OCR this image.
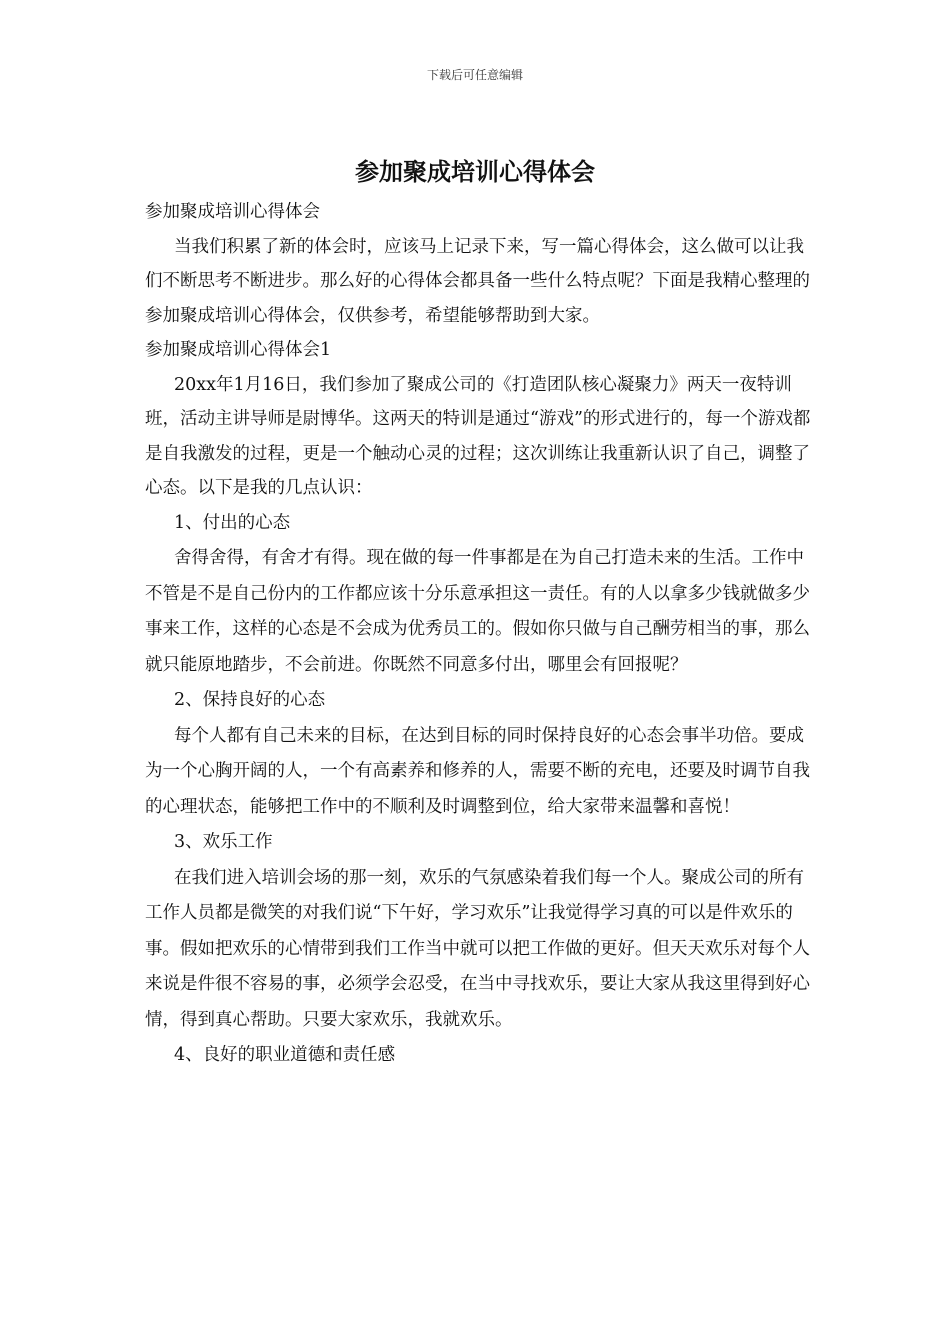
下载后可任意编辑
参加聚成培训心得体会

参加聚成培训心得体会

当我们积累了新的体会时，应该马上记录下来，写一篇心得体会，这么做可以让我们不断思考不断进步。那么好的心得体会都具备一些什么特点呢？下面是我精心整理的参加聚成培训心得体会，仅供参考，希望能够帮助到大家。

参加聚成培训心得体会1

20xx年1月16日，我们参加了聚成公司的《打造团队核心凝聚力》两天一夜特训班，活动主讲导师是尉博华。这两天的特训是通过“游戏”的形式进行的，每一个游戏都是自我激发的过程，更是一个触动心灵的过程；这次训练让我重新认识了自己，调整了心态。以下是我的几点认识：

1、付出的心态

舍得舍得，有舍才有得。现在做的每一件事都是在为自己打造未来的生活。工作中不管是不是自己份内的工作都应该十分乐意承担这一责任。有的人以拿多少钱就做多少事来工作，这样的心态是不会成为优秀员工的。假如你只做与自己酬劳相当的事，那么就只能原地踏步，不会前进。你既然不同意多付出，哪里会有回报呢？

2、保持良好的心态

每个人都有自己未来的目标，在达到目标的同时保持良好的心态会事半功倍。要成为一个心胸开阔的人，一个有高素养和修养的人，需要不断的充电，还要及时调节自我的心理状态，能够把工作中的不顺利及时调整到位，给大家带来温馨和喜悦！

3、欢乐工作

在我们进入培训会场的那一刻，欢乐的气氛感染着我们每一个人。聚成公司的所有工作人员都是微笑的对我们说“下午好，学习欢乐”让我觉得学习真的可以是件欢乐的事。假如把欢乐的心情带到我们工作当中就可以把工作做的更好。但天天欢乐对每个人来说是件很不容易的事，必须学会忍受，在当中寻找欢乐，要让大家从我这里得到好心情，得到真心帮助。只要大家欢乐，我就欢乐。

4、良好的职业道德和责任感
